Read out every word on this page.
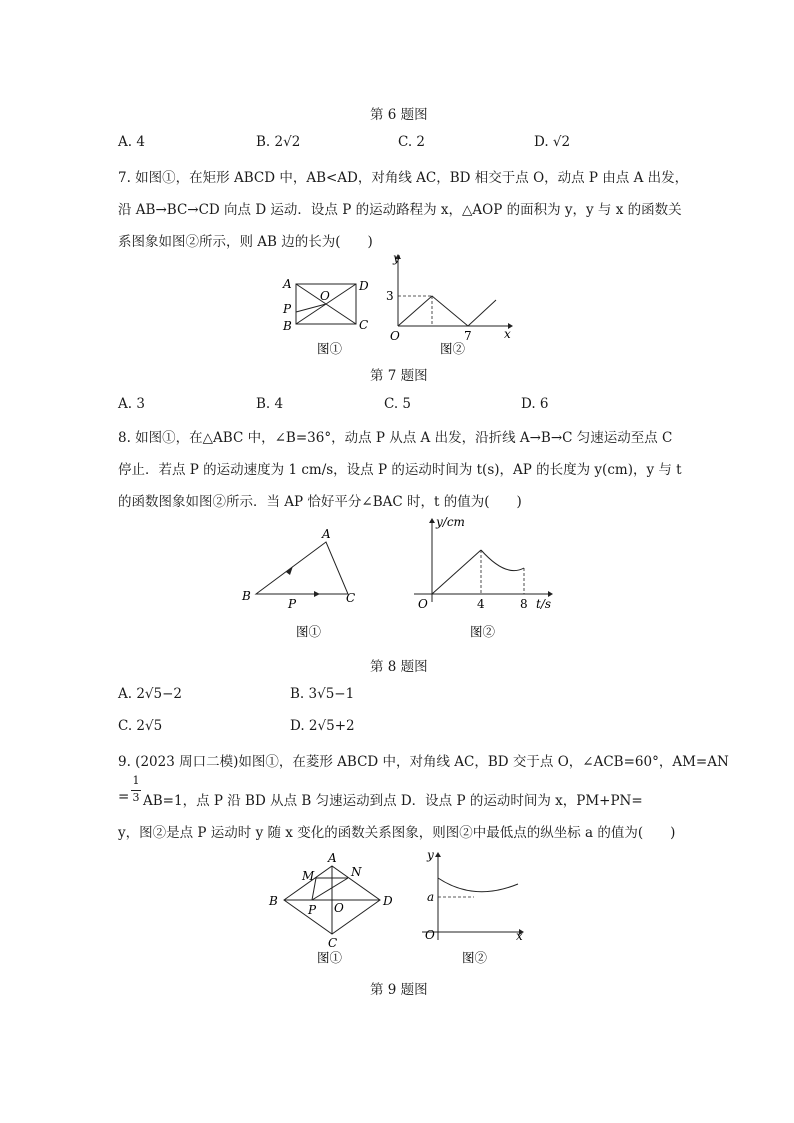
第 6 题图
A. 4	B. 2√2	C. 2	D. √2
7. 如图①，在矩形 ABCD 中，AB<AD，对角线 AC，BD 相交于点 O，动点 P 由点 A 出发，
沿 AB→BC→CD 向点 D 运动．设点 P 的运动路程为 x，△AOP 的面积为 y，y 与 x 的函数关
系图象如图②所示，则 AB 边的长为(　　)
A	D
P
B	C
O
y
x
O
3
7
图①	图②
第 7 题图
A. 3	B. 4	C. 5	D. 6
8. 如图①，在△ABC 中，∠B=36°，动点 P 从点 A 出发，沿折线 A→B→C 匀速运动至点 C
停止．若点 P 的运动速度为 1 cm/s，设点 P 的运动时间为 t(s)，AP 的长度为 y(cm)，y 与 t
的函数图象如图②所示．当 AP 恰好平分∠BAC 时，t 的值为(　　)
A
B	C
P
y/cm
t/s
O	4	8
图①	图②
第 8 题图
A. 2√5−2	B. 3√5−1
C. 2√5	D. 2√5+2
9. (2023 周口二模)如图①，在菱形 ABCD 中，对角线 AC，BD 交于点 O，∠ACB=60°，AM=AN
=
1
3 AB=1，点 P 沿 BD 从点 B 匀速运动到点 D．设点 P 的运动时间为 x，PM+PN=
y，图②是点 P 运动时 y 随 x 变化的函数关系图象，则图②中最低点的纵坐标 a 的值为(　　)
A
B	D
C
M	N
P O
y
x
O
a
图①	图②
第 9 题图
